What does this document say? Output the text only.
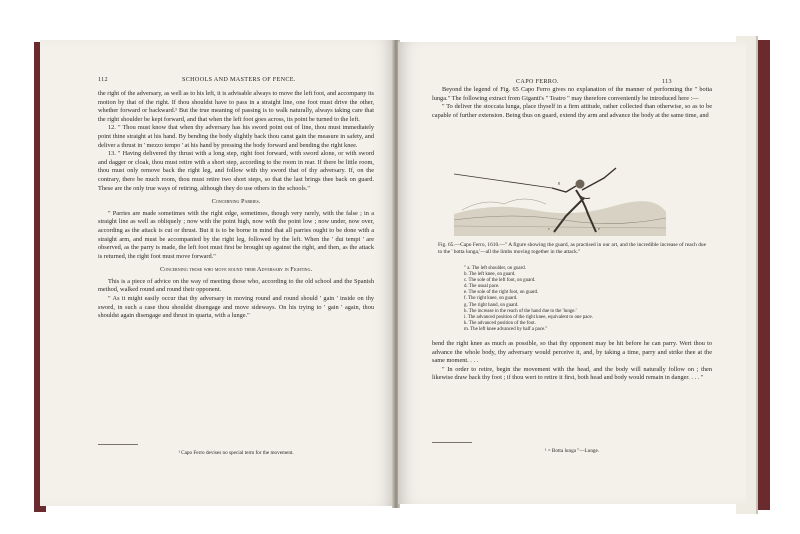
112	SCHOOLS AND MASTERS OF FENCE.

the right of the adversary, as well as to his left, it is advisable always to move the left foot, and accompany its motion by that of the right. If thou shouldst have to pass in a straight line, one foot must drive the other, whether forward or backward.¹ But the true meaning of passing is to walk naturally, always taking care that the right shoulder be kept forward, and that when the left foot goes across, its point be turned to the left.

12. " Thou must know that when thy adversary has his sword point out of line, thou must immediately point thine straight at his hand. By bending the body slightly back thou canst gain the measure in safety, and deliver a thrust in ' mezzo tempo ' at his hand by pressing the body forward and bending the right knee.

13. " Having delivered thy thrust with a long step, right foot forward, with sword alone, or with sword and dagger or cloak, thou must retire with a short step, according to the room in rear. If there be little room, thou must only remove back the right leg, and follow with thy sword that of thy adversary. If, on the contrary, there be much room, thou must retire two short steps, so that the last brings thee back on guard. These are the only true ways of retiring, although they do use others in the schools."

Concerning Parries.

" Parries are made sometimes with the right edge, sometimes, though very rarely, with the false ; in a straight line as well as obliquely ; now with the point high, now with the point low ; now under, now over, according as the attack is cut or thrust. But it is to be borne in mind that all parries ought to be done with a straight arm, and must be accompanied by the right leg, followed by the left. When the ' dui tempi ' are observed, as the parry is made, the left foot must first be brought up against the right, and then, as the attack is returned, the right foot must move forward."

Concerning those who move round their Adversary in Fighting.

This is a piece of advice on the way of meeting those who, according to the old school and the Spanish method, walked round and round their opponent.

" As it might easily occur that thy adversary in moving round and round should ' gain ' inside on thy sword, in such a case thou shouldst disengage and move sideways. On his trying to ' gain ' again, thou shouldst again disengage and thrust in quarta, with a lunge."

¹ Capo Ferro devises no special term for the movement.
CAPO FERRO.	113

Beyond the legend of Fig. 65 Capo Ferro gives no explanation of the manner of performing the " botta lunga." The following extract from Giganti's " Teatro " may therefore conveniently be introduced here :—

" To deliver the stoccata lunga, place thyself in a firm attitude, rather collected than otherwise, so as to be capable of further extension. Being thus on guard, extend thy arm and advance the body at the same time, and

g
e
c
Fig. 65.—Capo Ferro, 1610.—" A figure showing the guard, as practised in our art, and the incredible increase of reach due to the ' botta lunga,'—all the limbs moving together in the attack."
" a. The left shoulder, on guard.
b. The left knee, on guard.
c. The sole of the left foot, on guard.
d. The usual pace.
e. The sole of the right foot, on guard.
f. The right knee, on guard.
g. The right hand, on guard.
h. The increase in the reach of the hand due to the 'lunge.'
i. The advanced position of the right knee, equivalent to one pace.
k. The advanced position of the foot.
m. The left knee advanced by half a pace."

bend the right knee as much as possible, so that thy opponent may be hit before he can parry. Wert thou to advance the whole body, thy adversary would perceive it, and, by taking a time, parry and strike thee at the same moment. . . .

" In order to retire, begin the movement with the head, and the body will naturally follow on ; then likewise draw back thy foot ; if thou wert to retire it first, both head and body would remain in danger. . . . "

¹ = Botta lunga "—Lunge.
